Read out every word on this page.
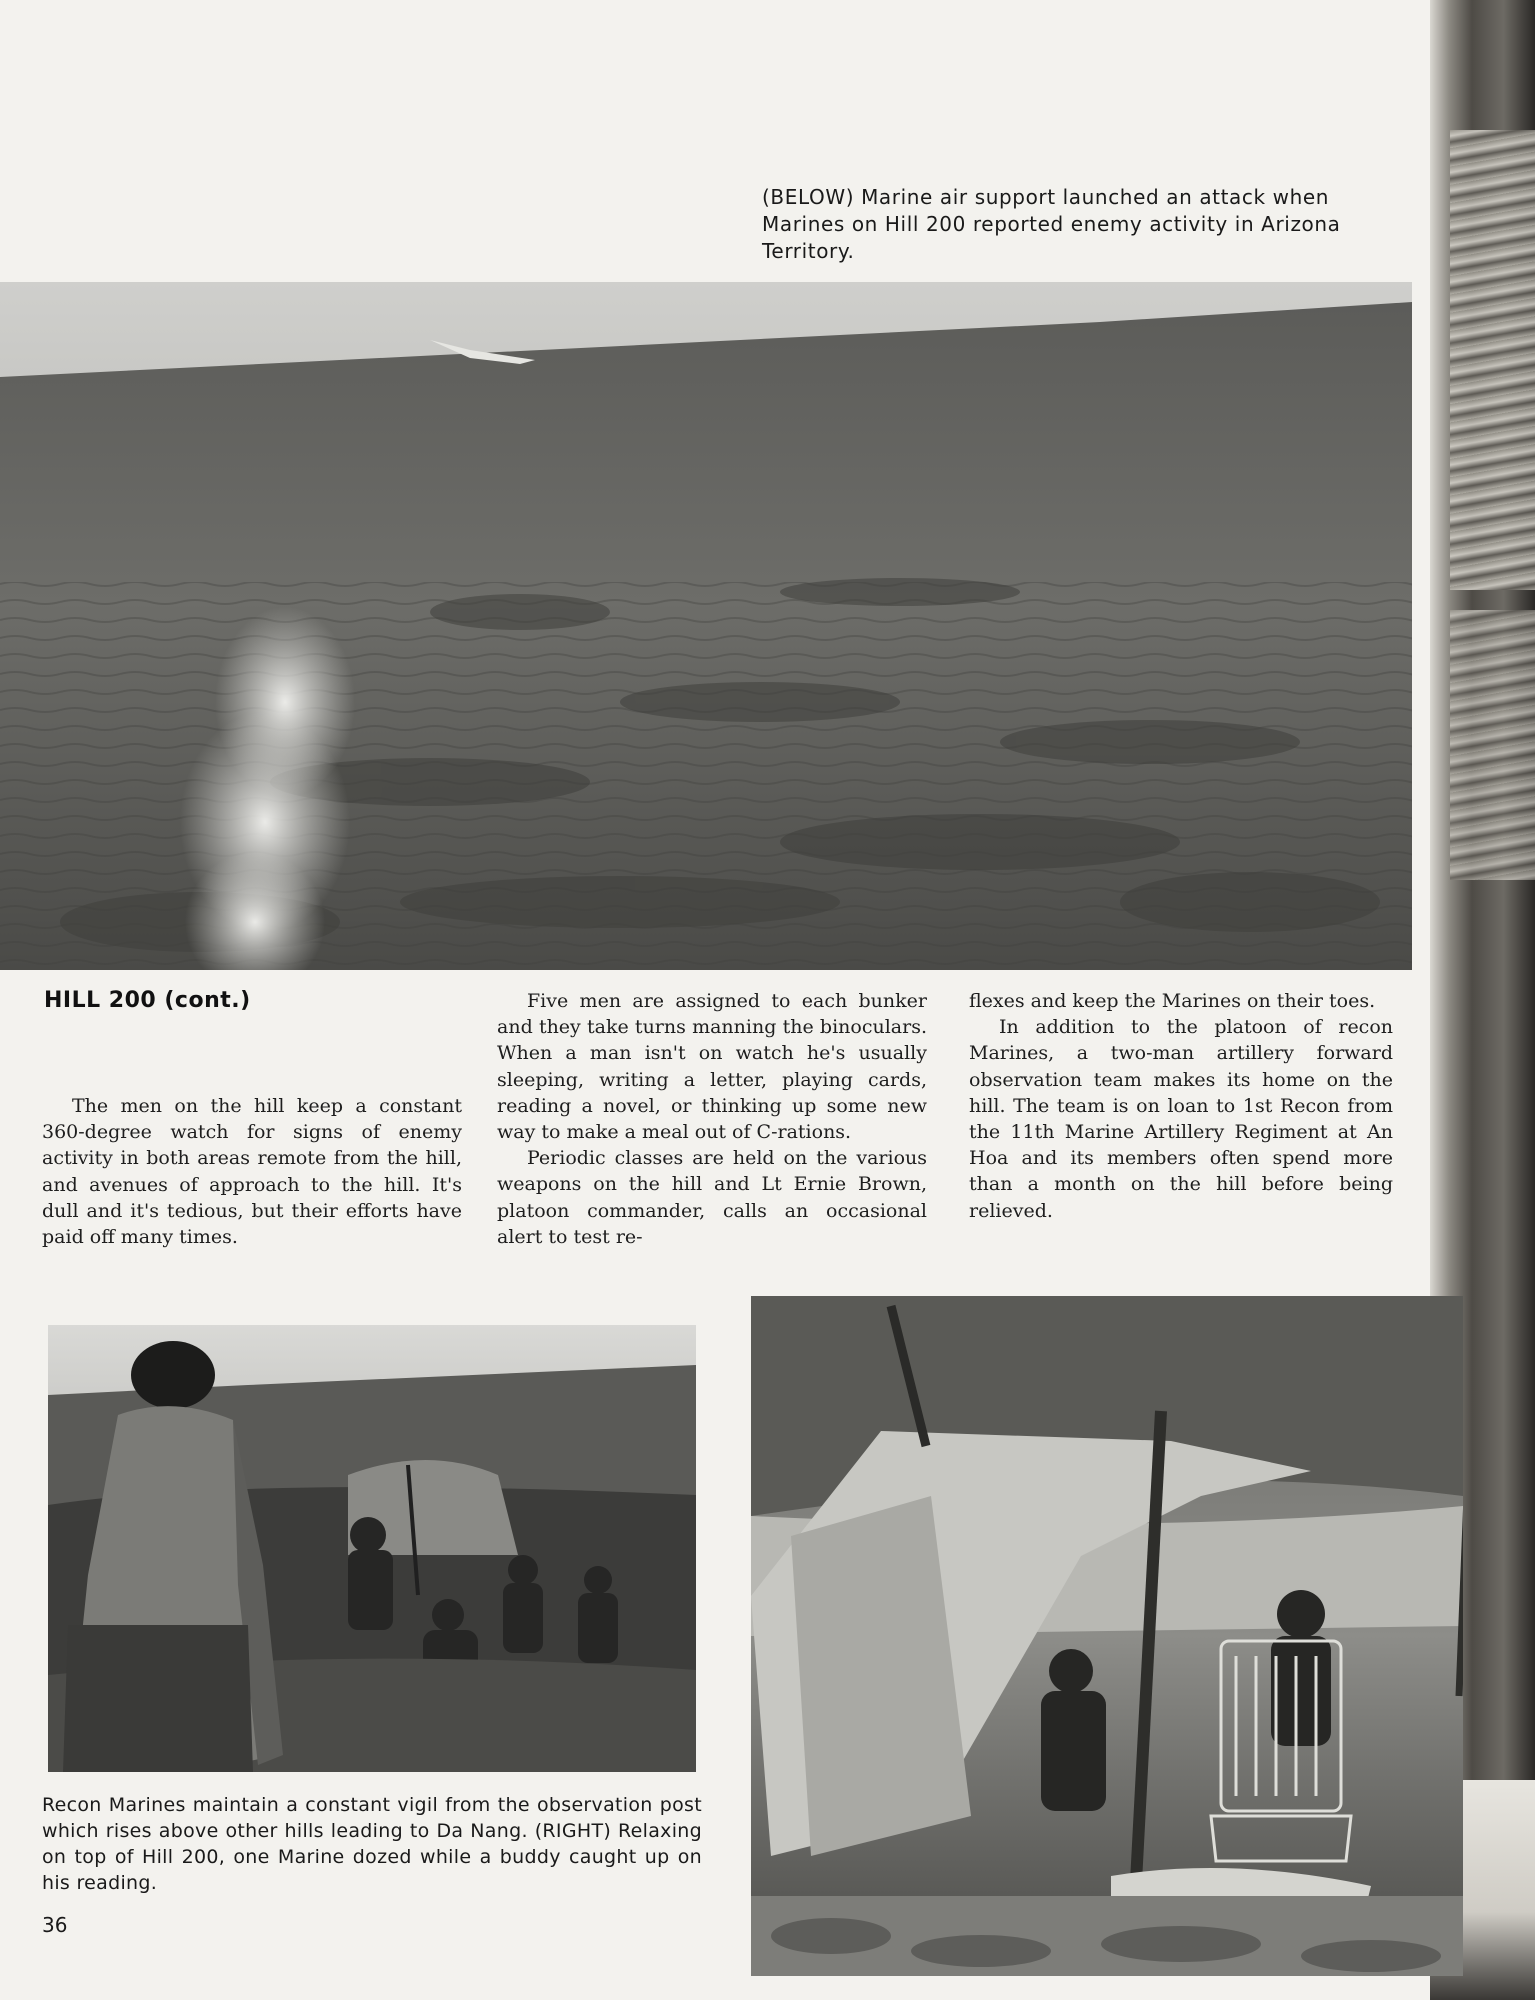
(BELOW) Marine air support launched an attack when Marines on Hill 200 reported enemy activity in Arizona Territory.
HILL 200 (cont.)

The men on the hill keep a constant 360-degree watch for signs of enemy activity in both areas remote from the hill, and avenues of approach to the hill. It's dull and it's tedious, but their efforts have paid off many times.

Five men are assigned to each bunker and they take turns manning the binoculars. When a man isn't on watch he's usually sleeping, writing a letter, playing cards, reading a novel, or thinking up some new way to make a meal out of C-rations.

Periodic classes are held on the various weapons on the hill and Lt Ernie Brown, platoon commander, calls an occasional alert to test re-

flexes and keep the Marines on their toes.

In addition to the platoon of recon Marines, a two-man artillery forward observation team makes its home on the hill. The team is on loan to 1st Recon from the 11th Marine Artillery Regiment at An Hoa and its members often spend more than a month on the hill before being relieved.

Recon Marines maintain a constant vigil from the observation post which rises above other hills leading to Da Nang. (RIGHT) Relaxing on top of Hill 200, one Marine dozed while a buddy caught up on his reading.
36
